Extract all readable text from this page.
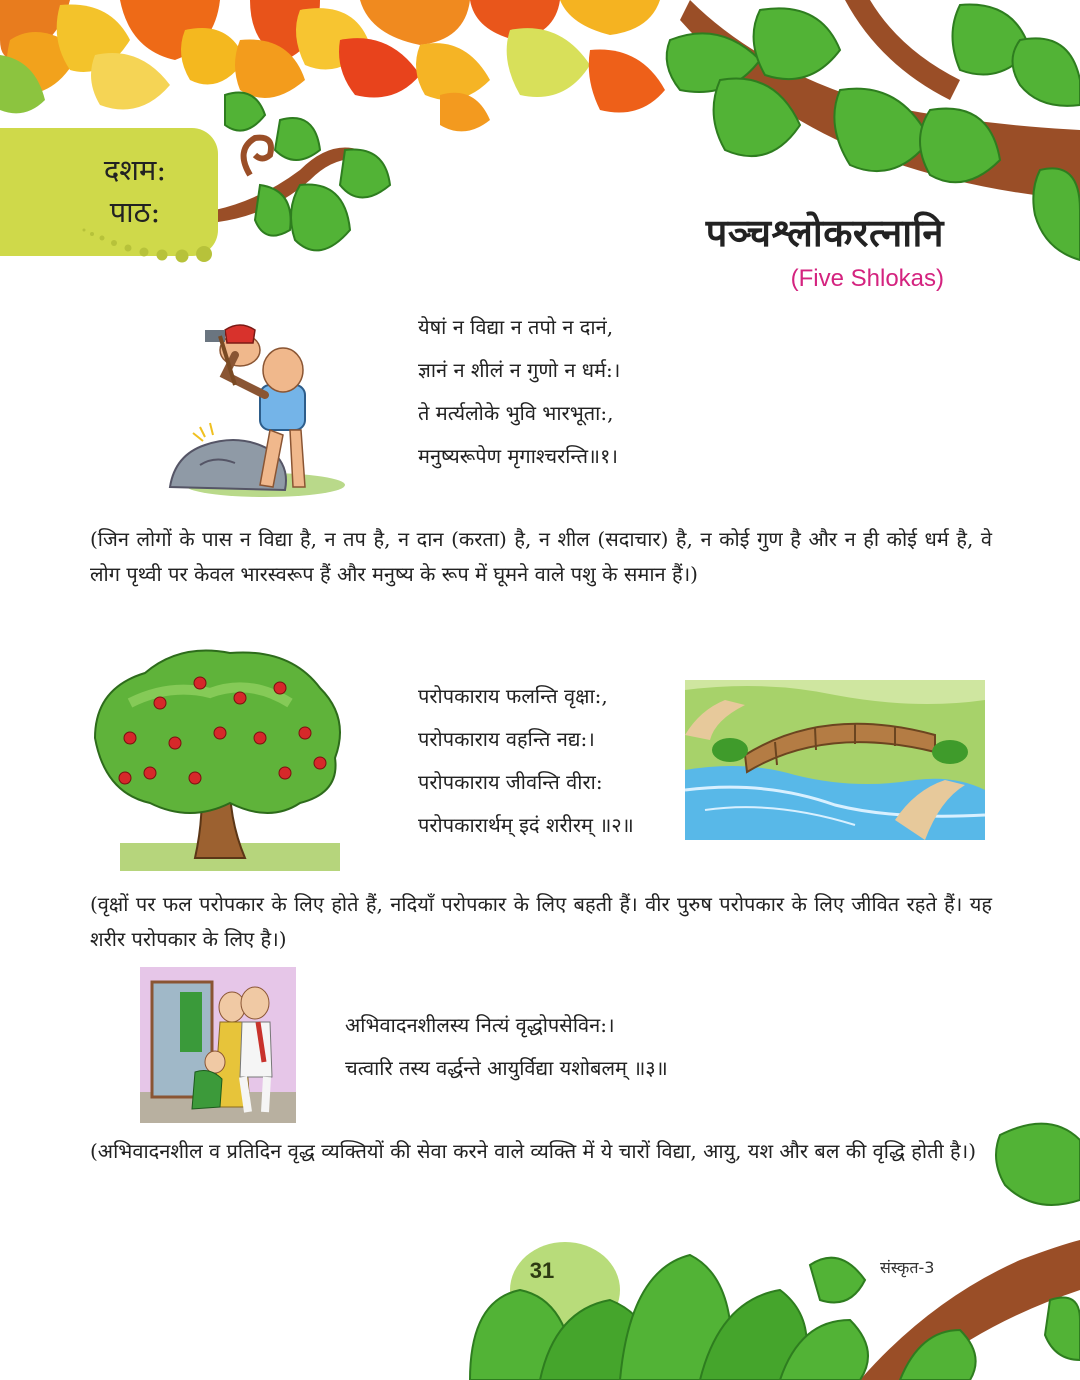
दशम:
पाठ:	पञ्चश्लोकरत्नानि
(Five Shlokas)
येषां न विद्या न तपो न दानं,
ज्ञानं न शीलं न गुणो न धर्म:।
ते मर्त्यलोके भुवि भारभूता:,
मनुष्यरूपेण मृगाश्चरन्ति॥१।
(जिन लोगों के पास न विद्या है, न तप है, न दान (करता) है, न शील (सदाचार) है, न कोई गुण है और न ही कोई धर्म है, वे लोग पृथ्वी पर केवल भारस्वरूप हैं और मनुष्य के रूप में घूमने वाले पशु के समान हैं।)
परोपकाराय फलन्ति वृक्षा:,
परोपकाराय वहन्ति नद्य:।
परोपकाराय जीवन्ति वीरा:
परोपकारार्थम् इदं शरीरम् ॥२॥
(वृक्षों पर फल परोपकार के लिए होते हैं, नदियाँ परोपकार के लिए बहती हैं। वीर पुरुष परोपकार के लिए जीवित रहते हैं। यह शरीर परोपकार के लिए है।)
अभिवादनशीलस्य नित्यं वृद्धोपसेविन:।
चत्वारि तस्य वर्द्धन्ते आयुर्विद्या यशोबलम् ॥३॥
(अभिवादनशील व प्रतिदिन वृद्ध व्यक्तियों की सेवा करने वाले व्यक्ति में ये चारों विद्या, आयु, यश और बल की वृद्धि होती है।)
31	संस्कृत-3
